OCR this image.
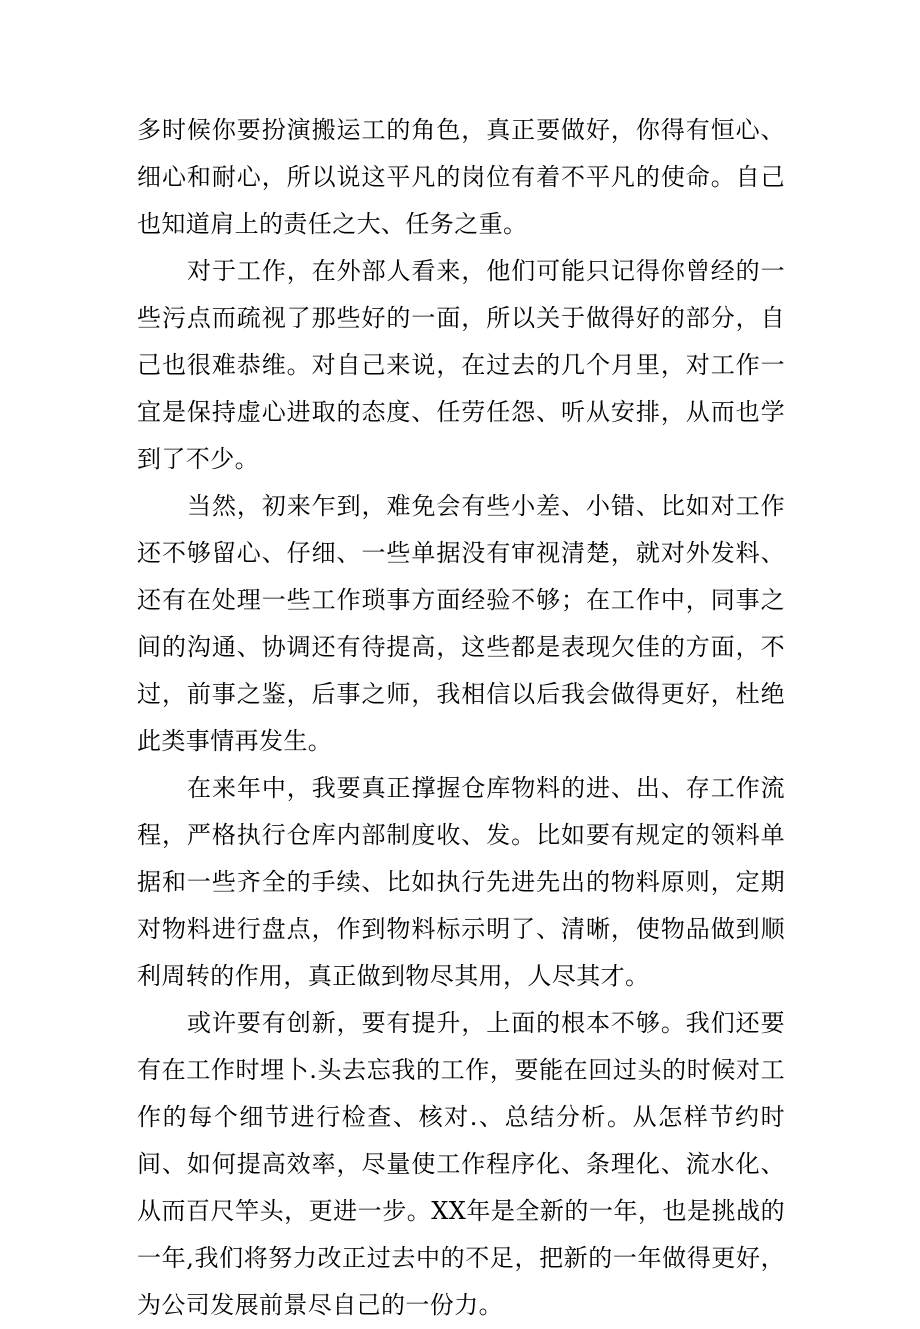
多时候你要扮演搬运工的角色，真正要做好，你得有恒心、细心和耐心，所以说这平凡的岗位有着不平凡的使命。自己也知道肩上的责任之大、任务之重。

对于工作，在外部人看来，他们可能只记得你曾经的一些污点而疏视了那些好的一面，所以关于做得好的部分，自己也很难恭维。对自己来说，在过去的几个月里，对工作一宜是保持虚心进取的态度、任劳任怨、听从安排，从而也学到了不少。

当然，初来乍到，难免会有些小差、小错、比如对工作还不够留心、仔细、一些单据没有审视清楚，就对外发料、还有在处理一些工作琐事方面经验不够；在工作中，同事之间的沟通、协调还有待提高，这些都是表现欠佳的方面，不过，前事之鉴，后事之师，我相信以后我会做得更好，杜绝此类事情再发生。

在来年中，我要真正撑握仓库物料的进、出、存工作流程，严格执行仓库内部制度收、发。比如要有规定的领料单据和一些齐全的手续、比如执行先进先出的物料原则，定期对物料进行盘点，作到物料标示明了、清晰，使物品做到顺利周转的作用，真正做到物尽其用，人尽其才。

或许要有创新，要有提升，上面的根本不够。我们还要有在工作时埋卜.头去忘我的工作，要能在回过头的时候对工作的每个细节进行检查、核对.、总结分析。从怎样节约时间、如何提高效率，尽量使工作程序化、条理化、流水化、从而百尺竿头，更进一步。XX年是全新的一年，也是挑战的一年,我们将努力改正过去中的不足，把新的一年做得更好，为公司发展前景尽自己的一份力。
